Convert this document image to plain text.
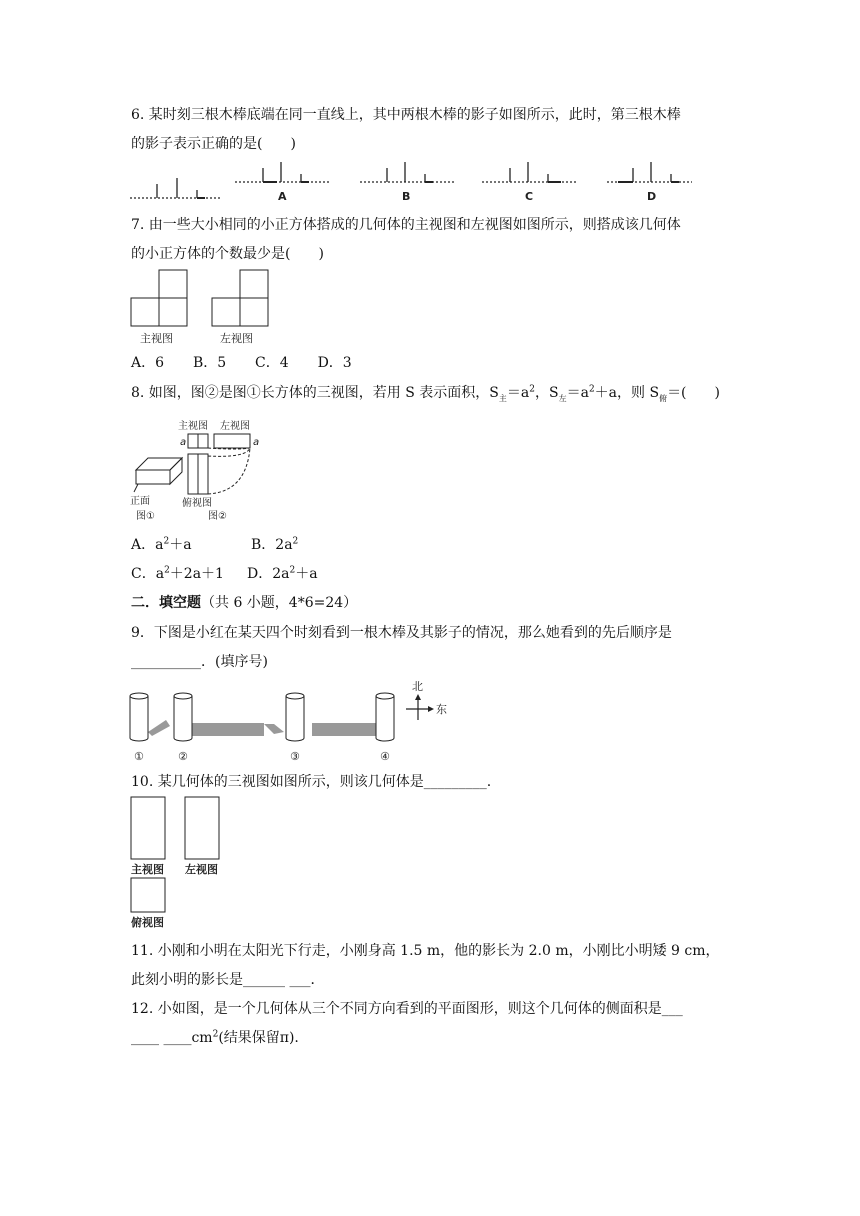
6. 某时刻三根木棒底端在同一直线上，其中两根木棒的影子如图所示，此时，第三根木棒
的影子表示正确的是(　　)
A	B	C	D
7. 由一些大小相同的小正方体搭成的几何体的主视图和左视图如图所示，则搭成该几何体
的小正方体的个数最少是(　　)
主视图	左视图
A．6 B．5 C．4 D．3
8. 如图，图②是图①长方体的三视图，若用 S 表示面积，$S_主=a^2$，$S_左=a^2+a$，则 $S_俯=$(　　)
主视图 左视图
a	a
俯视图
正面
图①	图②
A．$a^2+a$	B．$2a^2$
C．$a^2+2a+1$ D．$2a^2+a$
二．填空题（共 6 小题，4*6=24）
9．下图是小红在某天四个时刻看到一根木棒及其影子的情况，那么她看到的先后顺序是
__________．(填序号)
北
东
①	②	③	④
10. 某几何体的三视图如图所示，则该几何体是_________.
主视图 左视图
俯视图
11. 小刚和小明在太阳光下行走，小刚身高 1.5 m，他的影长为 2.0 m，小刚比小明矮 9 cm，
此刻小明的影长是______ ___．
12. 小如图，是一个几何体从三个不同方向看到的平面图形，则这个几何体的侧面积是___
____ $\_\_\_\_cm^2$(结果保留π).
